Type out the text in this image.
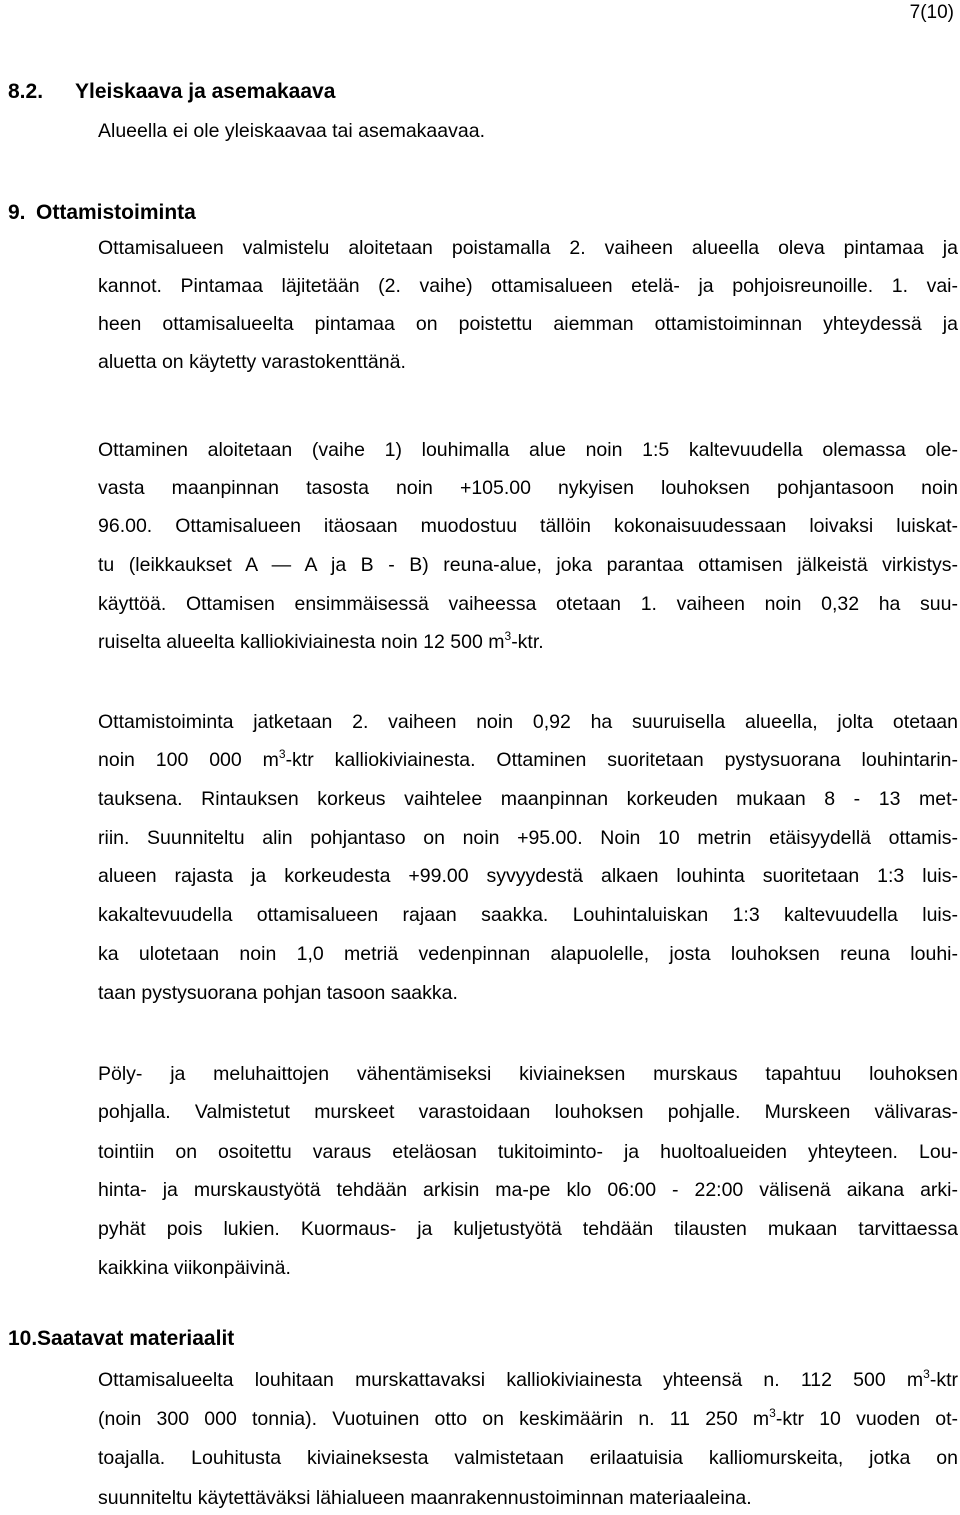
7(10)
8.2. Yleiskaava ja asemakaava
Alueella ei ole yleiskaavaa tai asemakaavaa.
9. Ottamistoiminta
Ottamisalueen valmistelu aloitetaan poistamalla 2. vaiheen alueella oleva pintamaa ja
kannot. Pintamaa läjitetään (2. vaihe) ottamisalueen etelä- ja pohjoisreunoille. 1. vai-
heen ottamisalueelta pintamaa on poistettu aiemman ottamistoiminnan yhteydessä ja
aluetta on käytetty varastokenttänä.
Ottaminen aloitetaan (vaihe 1) louhimalla alue noin 1:5 kaltevuudella olemassa ole-
vasta maanpinnan tasosta noin +105.00 nykyisen louhoksen pohjantasoon noin
96.00. Ottamisalueen itäosaan muodostuu tällöin kokonaisuudessaan loivaksi luiskat-
tu (leikkaukset A — A ja B - B) reuna-alue, joka parantaa ottamisen jälkeistä virkistys-
käyttöä. Ottamisen ensimmäisessä vaiheessa otetaan 1. vaiheen noin 0,32 ha suu-
ruiselta alueelta kalliokiviainesta noin 12 500 $m^3$-ktr.
Ottamistoiminta jatketaan 2. vaiheen noin 0,92 ha suuruisella alueella, jolta otetaan
noin 100 000 $m^3$-ktr kalliokiviainesta. Ottaminen suoritetaan pystysuorana louhintarin-
tauksena. Rintauksen korkeus vaihtelee maanpinnan korkeuden mukaan 8 - 13 met-
riin. Suunniteltu alin pohjantaso on noin +95.00. Noin 10 metrin etäisyydellä ottamis-
alueen rajasta ja korkeudesta +99.00 syvyydestä alkaen louhinta suoritetaan 1:3 luis-
kakaltevuudella ottamisalueen rajaan saakka. Louhintaluiskan 1:3 kaltevuudella luis-
ka ulotetaan noin 1,0 metriä vedenpinnan alapuolelle, josta louhoksen reuna louhi-
taan pystysuorana pohjan tasoon saakka.
Pöly- ja meluhaittojen vähentämiseksi kiviaineksen murskaus tapahtuu louhoksen
pohjalla. Valmistetut murskeet varastoidaan louhoksen pohjalle. Murskeen välivaras-
tointiin on osoitettu varaus eteläosan tukitoiminto- ja huoltoalueiden yhteyteen. Lou-
hinta- ja murskaustyötä tehdään arkisin ma-pe klo 06:00 - 22:00 välisenä aikana arki-
pyhät pois lukien. Kuormaus- ja kuljetustyötä tehdään tilausten mukaan tarvittaessa
kaikkina viikonpäivinä.
10.Saatavat materiaalit
Ottamisalueelta louhitaan murskattavaksi kalliokiviainesta yhteensä n. 112 500 $m^3$-ktr
(noin 300 000 tonnia). Vuotuinen otto on keskimäärin n. 11 250 $m^3$-ktr 10 vuoden ot-
toajalla. Louhitusta kiviaineksesta valmistetaan erilaatuisia kalliomurskeita, jotka on
suunniteltu käytettäväksi lähialueen maanrakennustoiminnan materiaaleina.
